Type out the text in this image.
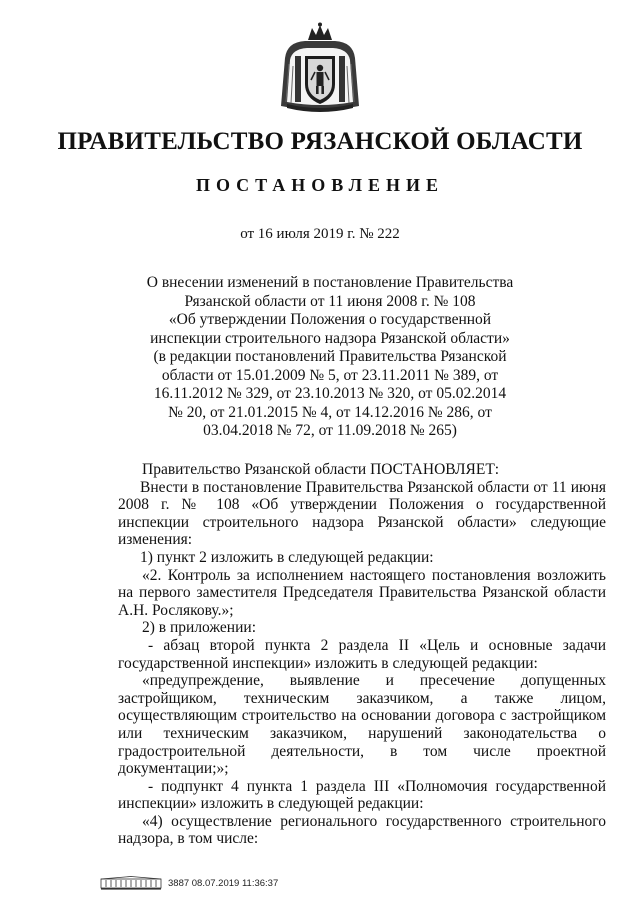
ПРАВИТЕЛЬСТВО РЯЗАНСКОЙ ОБЛАСТИ
ПОСТАНОВЛЕНИЕ
от 16 июля 2019 г. № 222
О внесении изменений в постановление Правительства
Рязанской области от 11 июня 2008 г. № 108
«Об утверждении Положения о государственной
инспекции строительного надзора Рязанской области»
(в редакции постановлений Правительства Рязанской
области от 15.01.2009 № 5, от 23.11.2011 № 389, от
16.11.2012 № 329, от 23.10.2013 № 320, от 05.02.2014
№ 20, от 21.01.2015 № 4, от 14.12.2016 № 286, от
03.04.2018 № 72, от 11.09.2018 № 265)

Правительство Рязанской области ПОСТАНОВЛЯЕТ:

Внести в постановление Правительства Рязанской области от 11 июня 2008 г. № 108 «Об утверждении Положения о государственной инспекции строительного надзора Рязанской области» следующие изменения:

1) пункт 2 изложить в следующей редакции:

«2. Контроль за исполнением настоящего постановления возложить на первого заместителя Председателя Правительства Рязанской области А.Н. Рослякову.»;

2) в приложении:

- абзац второй пункта 2 раздела II «Цель и основные задачи государственной инспекции» изложить в следующей редакции:

«предупреждение, выявление и пресечение допущенных застройщиком, техническим заказчиком, а также лицом, осуществляющим строительство на основании договора с застройщиком или техническим заказчиком, нарушений законодательства о градостроительной деятельности, в том числе проектной документации;»;

- подпункт 4 пункта 1 раздела III «Полномочия государственной инспекции» изложить в следующей редакции:

«4) осуществление регионального государственного строительного надзора, в том числе:

3887 08.07.2019 11:36:37
